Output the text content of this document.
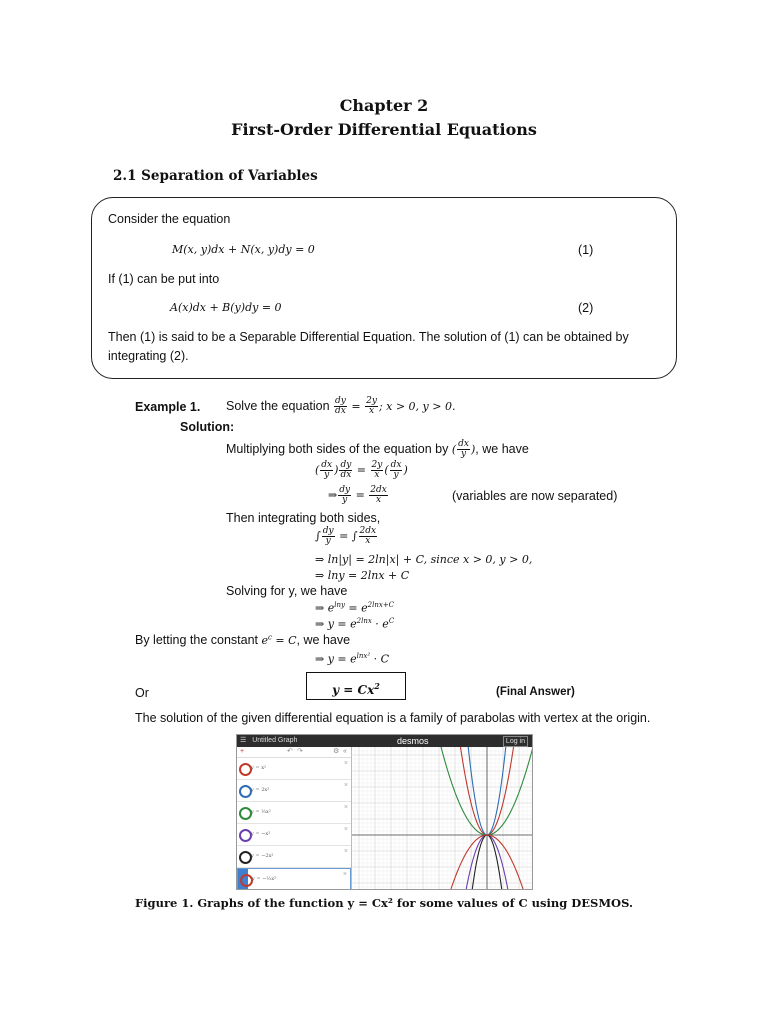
Chapter 2
First-Order Differential Equations
2.1 Separation of Variables
Consider the equation
M(x, y)dx + N(x, y)dy = 0	(1)
If (1) can be put into
A(x)dx + B(y)dy = 0	(2)
Then (1) is said to be a Separable Differential Equation. The solution of (1) can be obtained by
integrating (2).
Example 1. Solve the equation $\frac{dy}{dx} = \frac{2y}{x}$ ; x > 0, y > 0.
Solution:
Multiplying both sides of the equation by ( $\frac{dx}{y}$ ), we have
( $\frac{dx}{y}$ ) $\frac{dy}{dx} = \frac{2y}{x}$ ( $\frac{dx}{y}$ )
⇒ $\frac{dy}{y} = \frac{2dx}{x}$	(variables are now separated)
Then integrating both sides,
∫ $\frac{dy}{y}$ = ∫ $\frac{2dx}{x}$
⇒ ln|y| = 2ln|x| + C, since x > 0, y > 0,
⇒ lny = 2lnx + C
Solving for y, we have
⇒ $e^{lny} = e^{2lnx+C}$
⇒ $y = e^{2lnx} \cdot e^C$
By letting the constant $e^c = C$, we have
⇒ $y = e^{lnx^2} \cdot C$
Or	$y = Cx^2$	(Final Answer)
The solution of the given differential equation is a family of parabolas with vertex at the origin.
☰ Untitled Graph	desmos	Log in
+	↶ ↷	⚙ «
y = x²
×
y = 2x²
×
y = ⅓x²
×
y = −x²
×
y = −2x²
×
y = −⅓x²
×
Figure 1. Graphs of the function y = Cx² for some values of C using DESMOS.
